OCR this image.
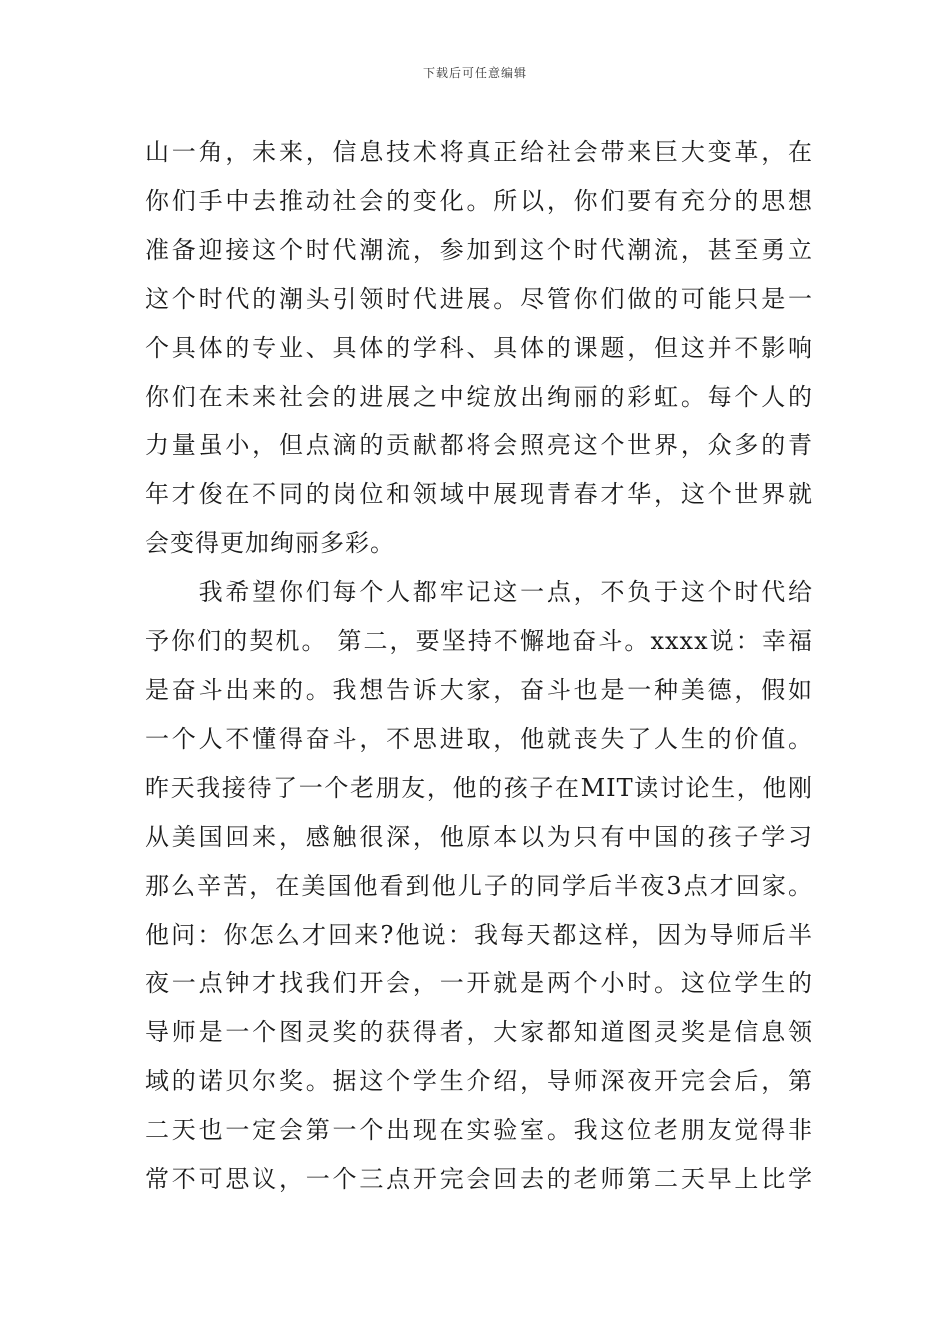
下载后可任意编辑
山一角，未来，信息技术将真正给社会带来巨大变革，在
你们手中去推动社会的变化。所以，你们要有充分的思想
准备迎接这个时代潮流，参加到这个时代潮流，甚至勇立
这个时代的潮头引领时代进展。尽管你们做的可能只是一
个具体的专业、具体的学科、具体的课题，但这并不影响
你们在未来社会的进展之中绽放出绚丽的彩虹。每个人的
力量虽小，但点滴的贡献都将会照亮这个世界，众多的青
年才俊在不同的岗位和领域中展现青春才华，这个世界就
会变得更加绚丽多彩。
　　我希望你们每个人都牢记这一点，不负于这个时代给
予你们的契机。 第二，要坚持不懈地奋斗。xxxx说：幸福
是奋斗出来的。我想告诉大家，奋斗也是一种美德，假如
一个人不懂得奋斗，不思进取，他就丧失了人生的价值。
昨天我接待了一个老朋友，他的孩子在MIT读讨论生，他刚
从美国回来，感触很深，他原本以为只有中国的孩子学习
那么辛苦，在美国他看到他儿子的同学后半夜3点才回家。
他问：你怎么才回来?他说：我每天都这样，因为导师后半
夜一点钟才找我们开会，一开就是两个小时。这位学生的
导师是一个图灵奖的获得者，大家都知道图灵奖是信息领
域的诺贝尔奖。据这个学生介绍，导师深夜开完会后，第
二天也一定会第一个出现在实验室。我这位老朋友觉得非
常不可思议，一个三点开完会回去的老师第二天早上比学
